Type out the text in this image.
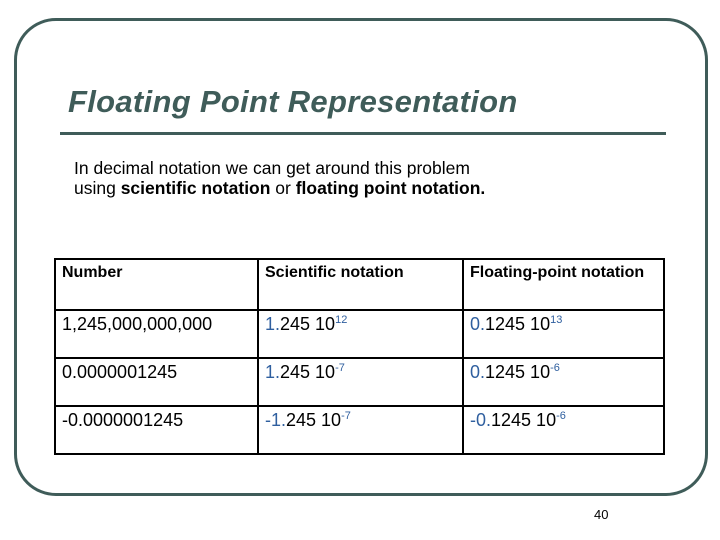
Floating Point Representation
In decimal notation we can get around this problem using scientific notation or floating point notation.
Number	Scientific notation	Floating-point notation
1,245,000,000,000	1.245 $10^{12}$	0.1245 $10^{13}$
0.0000001245	1.245 $10^{-7}$	0.1245 $10^{-6}$
-0.0000001245	-1.245 $10^{-7}$	-0.1245 $10^{-6}$
40
